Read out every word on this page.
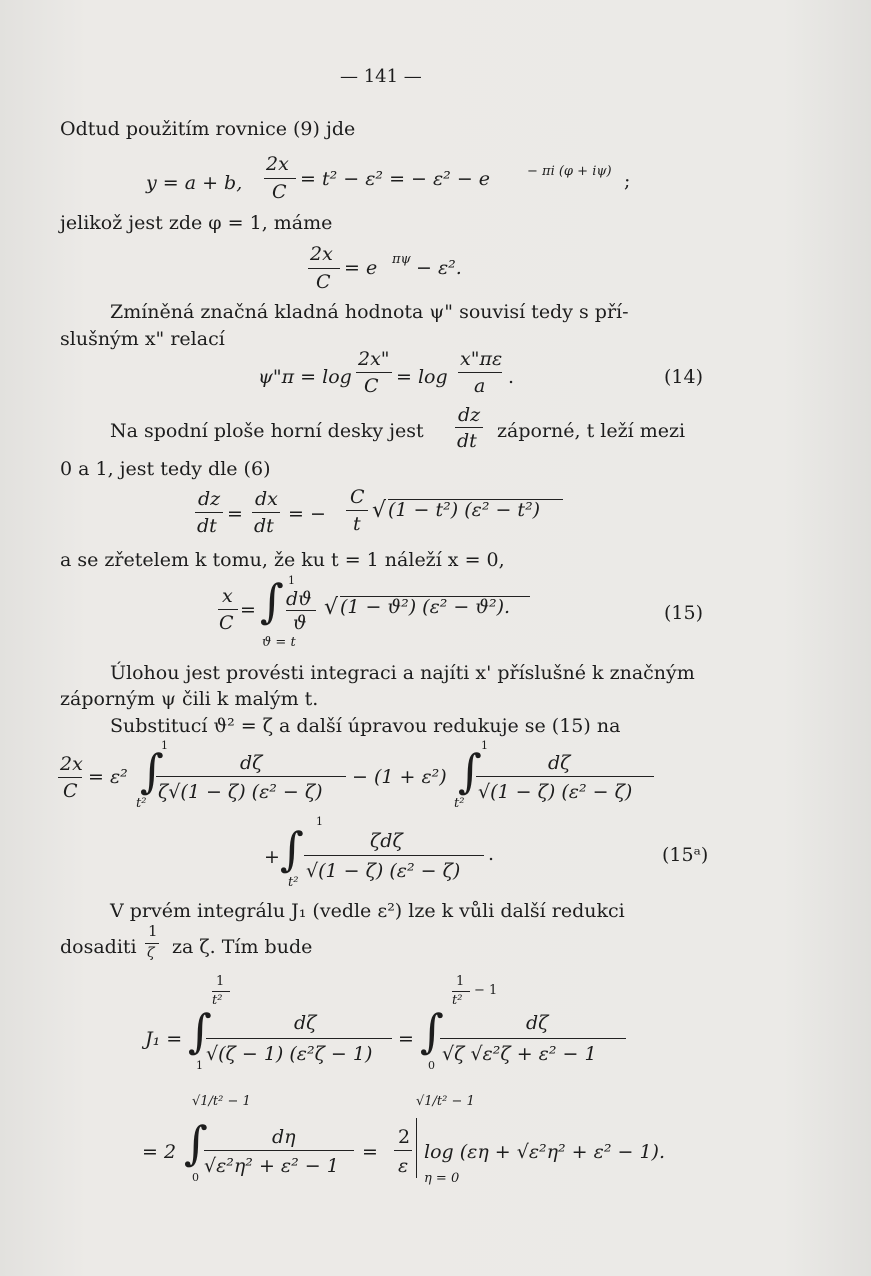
— 141 —
Odtud použitím rovnice (9) jde
y = a + b,
2x
C
= t² − ε² = − ε² − e	− πi (φ + iψ) ;
jelikož jest zde φ = 1, máme
2x
C
= e πψ − ε².
Zmíněná značná kladná hodnota ψ" souvisí tedy s pří-
slušným x" relací
ψ"π = log
2x"
C = log
x"πε
a .	(14)
Na spodní ploše horní desky jest
dz
dt záporné, t leží mezi
0 a 1, jest tedy dle (6)
dz
dt
=
dx
dt
= −
C
t
√ (1 − t²) (ε² − t²)
a se zřetelem k tomu, že ku t = 1 náleží x = 0,
x
C
=
1
∫
ϑ = t
dϑ
ϑ
√ (1 − ϑ²) (ε² − ϑ²).	(15)
Úlohou jest provésti integraci a najíti x' příslušné k značným
záporným ψ čili k malým t.
Substitucí ϑ² = ζ a další úpravou redukuje se (15) na
2x
C
= ε²
1
∫
t²
dζ
ζ√(1 − ζ) (ε² − ζ)
− (1 + ε²)
1
∫
t²
dζ
√(1 − ζ) (ε² − ζ)
+
1
∫
t²
ζdζ
√(1 − ζ) (ε² − ζ)
.	(15ᵃ)
V prvém integrálu J₁ (vedle ε²) lze k vůli další redukci
dosaditi
1
ζ za ζ. Tím bude
J₁ =
1
t²
∫
1
dζ
√(ζ − 1) (ε²ζ − 1)
=
1
t²
− 1
∫
0
dζ
√ζ √ε²ζ + ε² − 1
= 2
√1/t² − 1
∫
0
dη
√ε²η² + ε² − 1
=
2
ε
√1/t² − 1
log (εη + √ε²η² + ε² − 1).
η = 0
